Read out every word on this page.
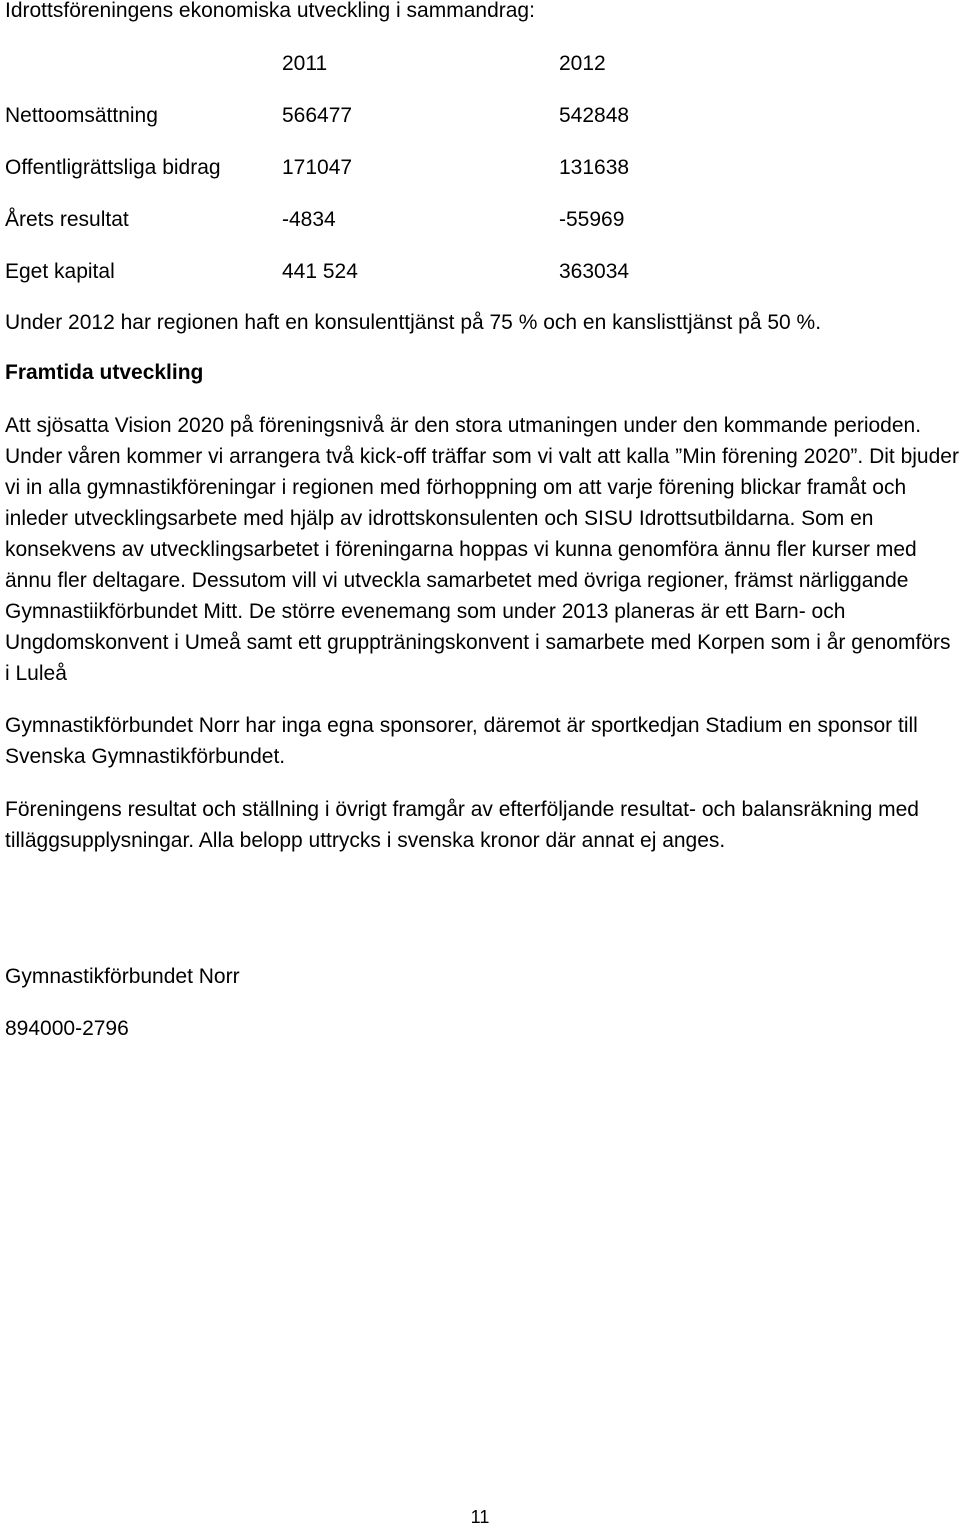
Idrottsföreningens ekonomiska utveckling i sammandrag:
2011	2012
Nettoomsättning	566477	542848
Offentligrättsliga bidrag	171047	131638
Årets resultat	-4834	-55969
Eget kapital	441 524	363034
Under 2012 har regionen haft en konsulenttjänst på 75 % och en kanslisttjänst på 50 %.
Framtida utveckling

Att sjösatta Vision 2020 på föreningsnivå är den stora utmaningen under den kommande perioden. Under våren kommer vi arrangera två kick-off träffar som vi valt att kalla ”Min förening 2020”. Dit bjuder vi in alla gymnastikföreningar i regionen med förhoppning om att varje förening blickar framåt och inleder utvecklingsarbete med hjälp av idrottskonsulenten och SISU Idrottsutbildarna. Som en konsekvens av utvecklingsarbetet i föreningarna hoppas vi kunna genomföra ännu fler kurser med ännu fler deltagare. Dessutom vill vi utveckla samarbetet med övriga regioner, främst närliggande Gymnastiikförbundet Mitt. De större evenemang som under 2013 planeras är ett Barn- och Ungdomskonvent i Umeå samt ett gruppträningskonvent i samarbete med Korpen som i år genomförs i Luleå

Gymnastikförbundet Norr har inga egna sponsorer, däremot är sportkedjan Stadium en sponsor till Svenska Gymnastikförbundet.

Föreningens resultat och ställning i övrigt framgår av efterföljande resultat- och balansräkning med tilläggsupplysningar. Alla belopp uttrycks i svenska kronor där annat ej anges.

Gymnastikförbundet Norr
894000-2796
11
